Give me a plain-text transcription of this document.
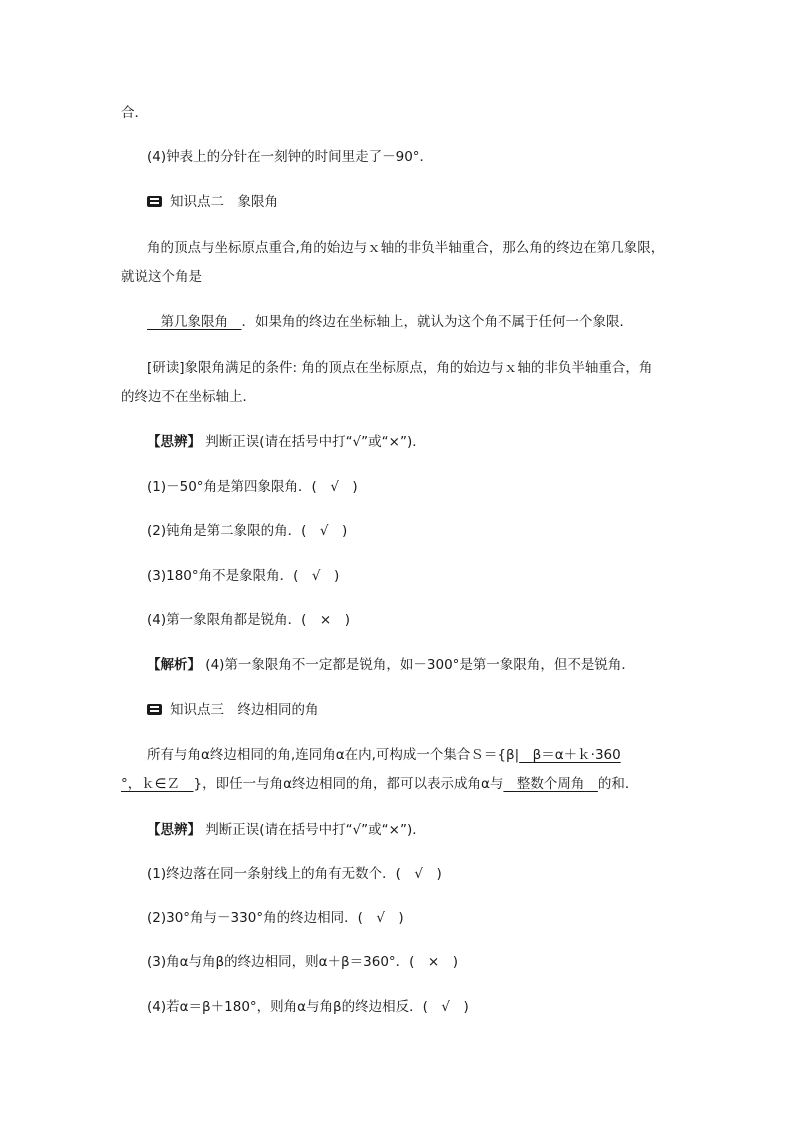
合．
(4)钟表上的分针在一刻钟的时间里走了－90°．
知识点二　象限角
角的顶点与坐标原点重合,角的始边与ｘ轴的非负半轴重合，那么角的终边在第几象限，
就说这个角是
　第几象限角　 ．如果角的终边在坐标轴上，就认为这个角不属于任何一个象限．
[研读]象限角满足的条件: 角的顶点在坐标原点，角的始边与ｘ轴的非负半轴重合，角
的终边不在坐标轴上．
【思辨】 判断正误(请在括号中打“√”或“×”)．
(1)－50°角是第四象限角．(　√　)
(2)钝角是第二象限的角．(　√　)
(3)180°角不是象限角．(　√　)
(4)第一象限角都是锐角．(　×　)
【解析】 (4)第一象限角不一定都是锐角，如－300°是第一象限角，但不是锐角．
知识点三　终边相同的角
所有与角α终边相同的角,连同角α在内,可构成一个集合Ｓ＝{β|　 β＝α＋ｋ·360
°，ｋ∈Ｚ　 }，即任一与角α终边相同的角，都可以表示成角α与　 整数个周角　 的和．
【思辨】 判断正误(请在括号中打“√”或“×”)．
(1)终边落在同一条射线上的角有无数个．(　√　)
(2)30°角与－330°角的终边相同．(　√　)
(3)角α与角β的终边相同，则α＋β＝360°．(　×　)
(4)若α＝β＋180°，则角α与角β的终边相反．(　√　)
